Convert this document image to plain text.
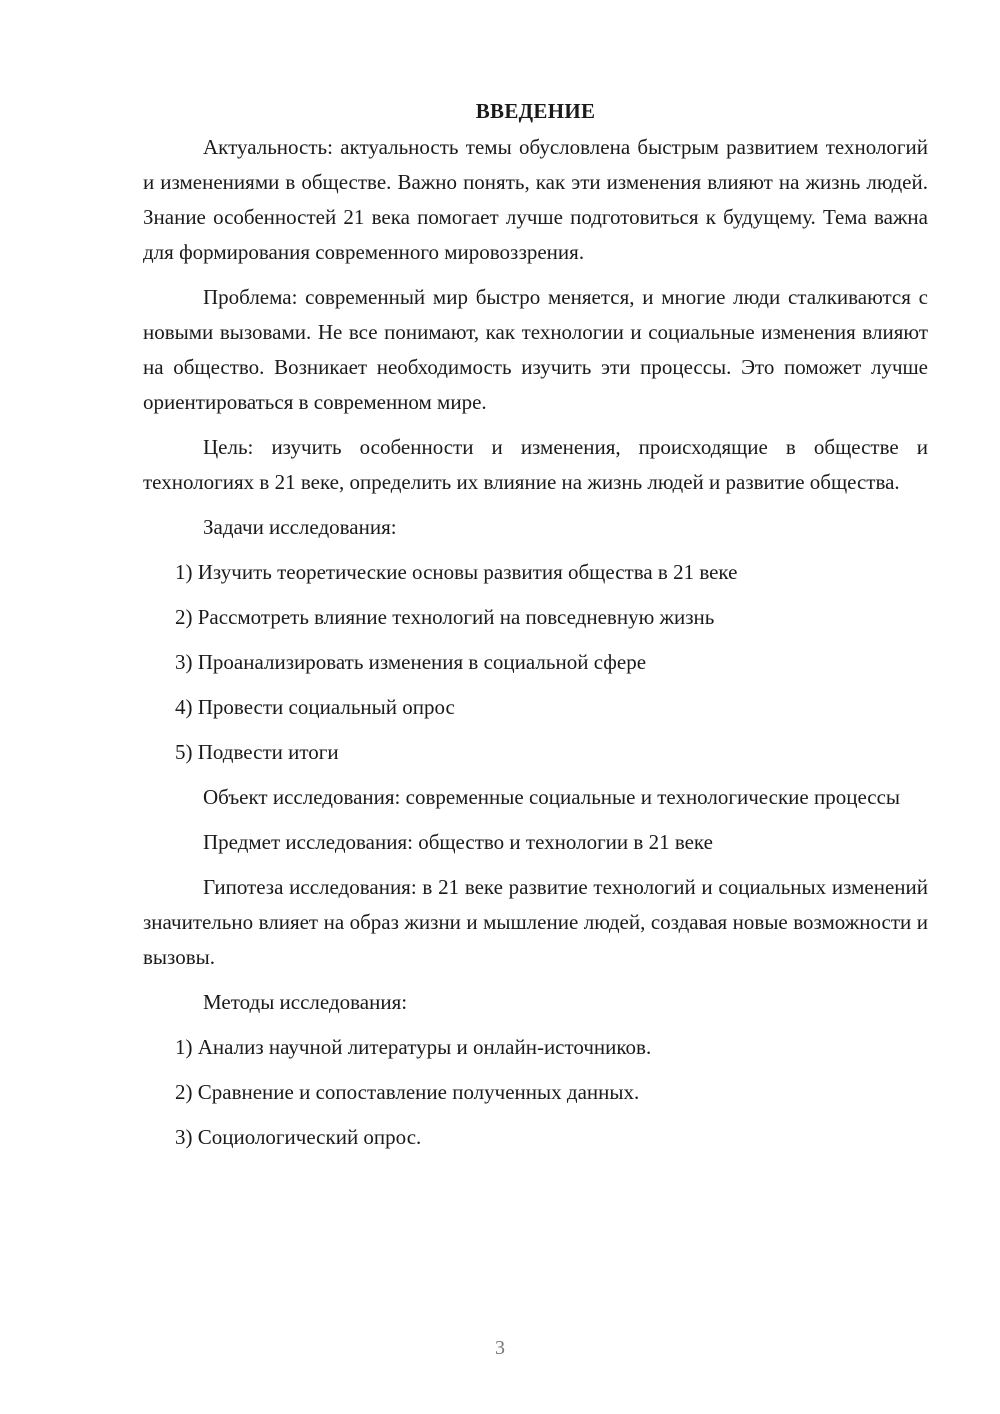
ВВЕДЕНИЕ

Актуальность: актуальность темы обусловлена быстрым развитием технологий и изменениями в обществе. Важно понять, как эти изменения влияют на жизнь людей. Знание особенностей 21 века помогает лучше подготовиться к будущему. Тема важна для формирования современного мировоззрения.

Проблема: современный мир быстро меняется, и многие люди сталкиваются с новыми вызовами. Не все понимают, как технологии и социальные изменения влияют на общество. Возникает необходимость изучить эти процессы. Это поможет лучше ориентироваться в современном мире.

Цель: изучить особенности и изменения, происходящие в обществе и технологиях в 21 веке, определить их влияние на жизнь людей и развитие общества.

Задачи исследования:
1) Изучить теоретические основы развития общества в 21 веке
2) Рассмотреть влияние технологий на повседневную жизнь
3) Проанализировать изменения в социальной сфере
4) Провести социальный опрос
5) Подвести итоги

Объект исследования: современные социальные и технологические процессы

Предмет исследования: общество и технологии в 21 веке

Гипотеза исследования: в 21 веке развитие технологий и социальных изменений значительно влияет на образ жизни и мышление людей, создавая новые возможности и вызовы.

Методы исследования:
1) Анализ научной литературы и онлайн-источников.
2) Сравнение и сопоставление полученных данных.
3) Социологический опрос.
3
